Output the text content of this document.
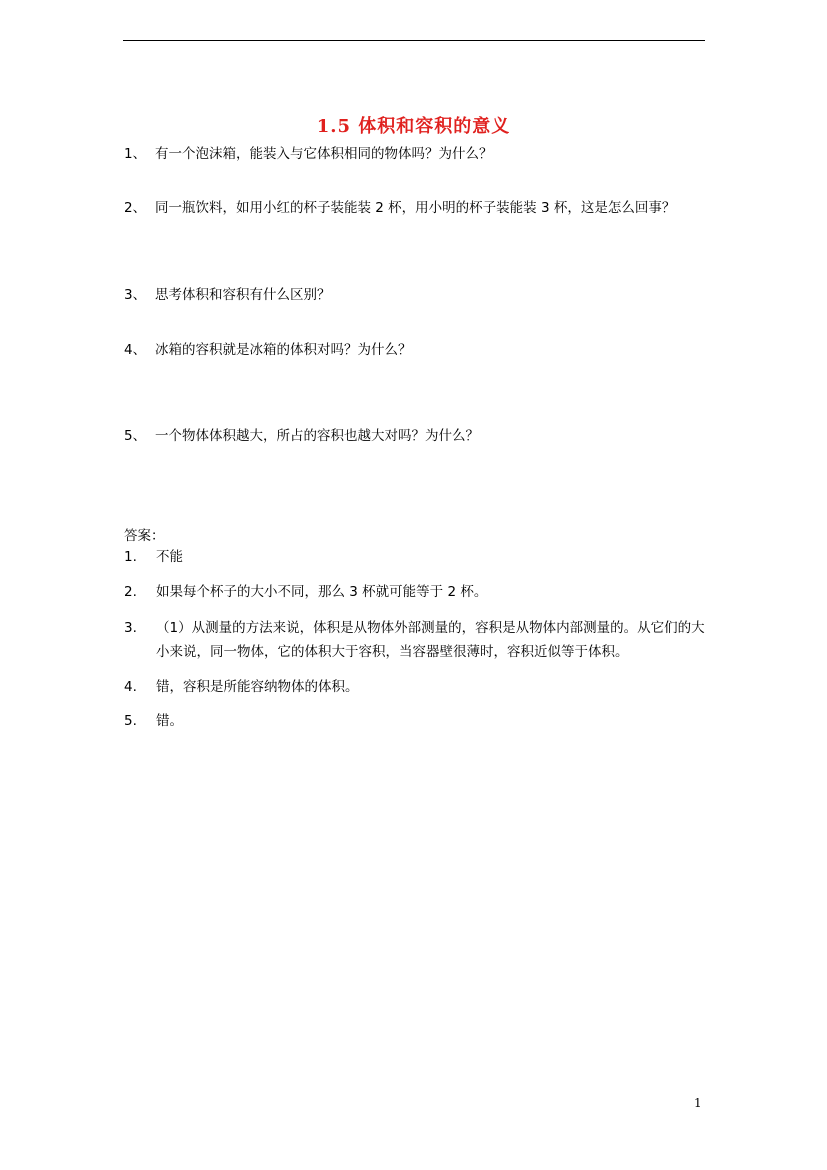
1.5 体积和容积的意义
1、 有一个泡沫箱，能装入与它体积相同的物体吗？为什么？
2、 同一瓶饮料，如用小红的杯子装能装 2 杯，用小明的杯子装能装 3 杯，这是怎么回事？
3、 思考体积和容积有什么区别？
4、 冰箱的容积就是冰箱的体积对吗？为什么？
5、 一个物体体积越大，所占的容积也越大对吗？为什么？
答案：
1.	不能
2.	如果每个杯子的大小不同，那么 3 杯就可能等于 2 杯。
3.	（1）从测量的方法来说，体积是从物体外部测量的，容积是从物体内部测量的。从它们的大小来说，同一物体，它的体积大于容积，当容器壁很薄时，容积近似等于体积。
4.	错，容积是所能容纳物体的体积。
5.	错。
1
